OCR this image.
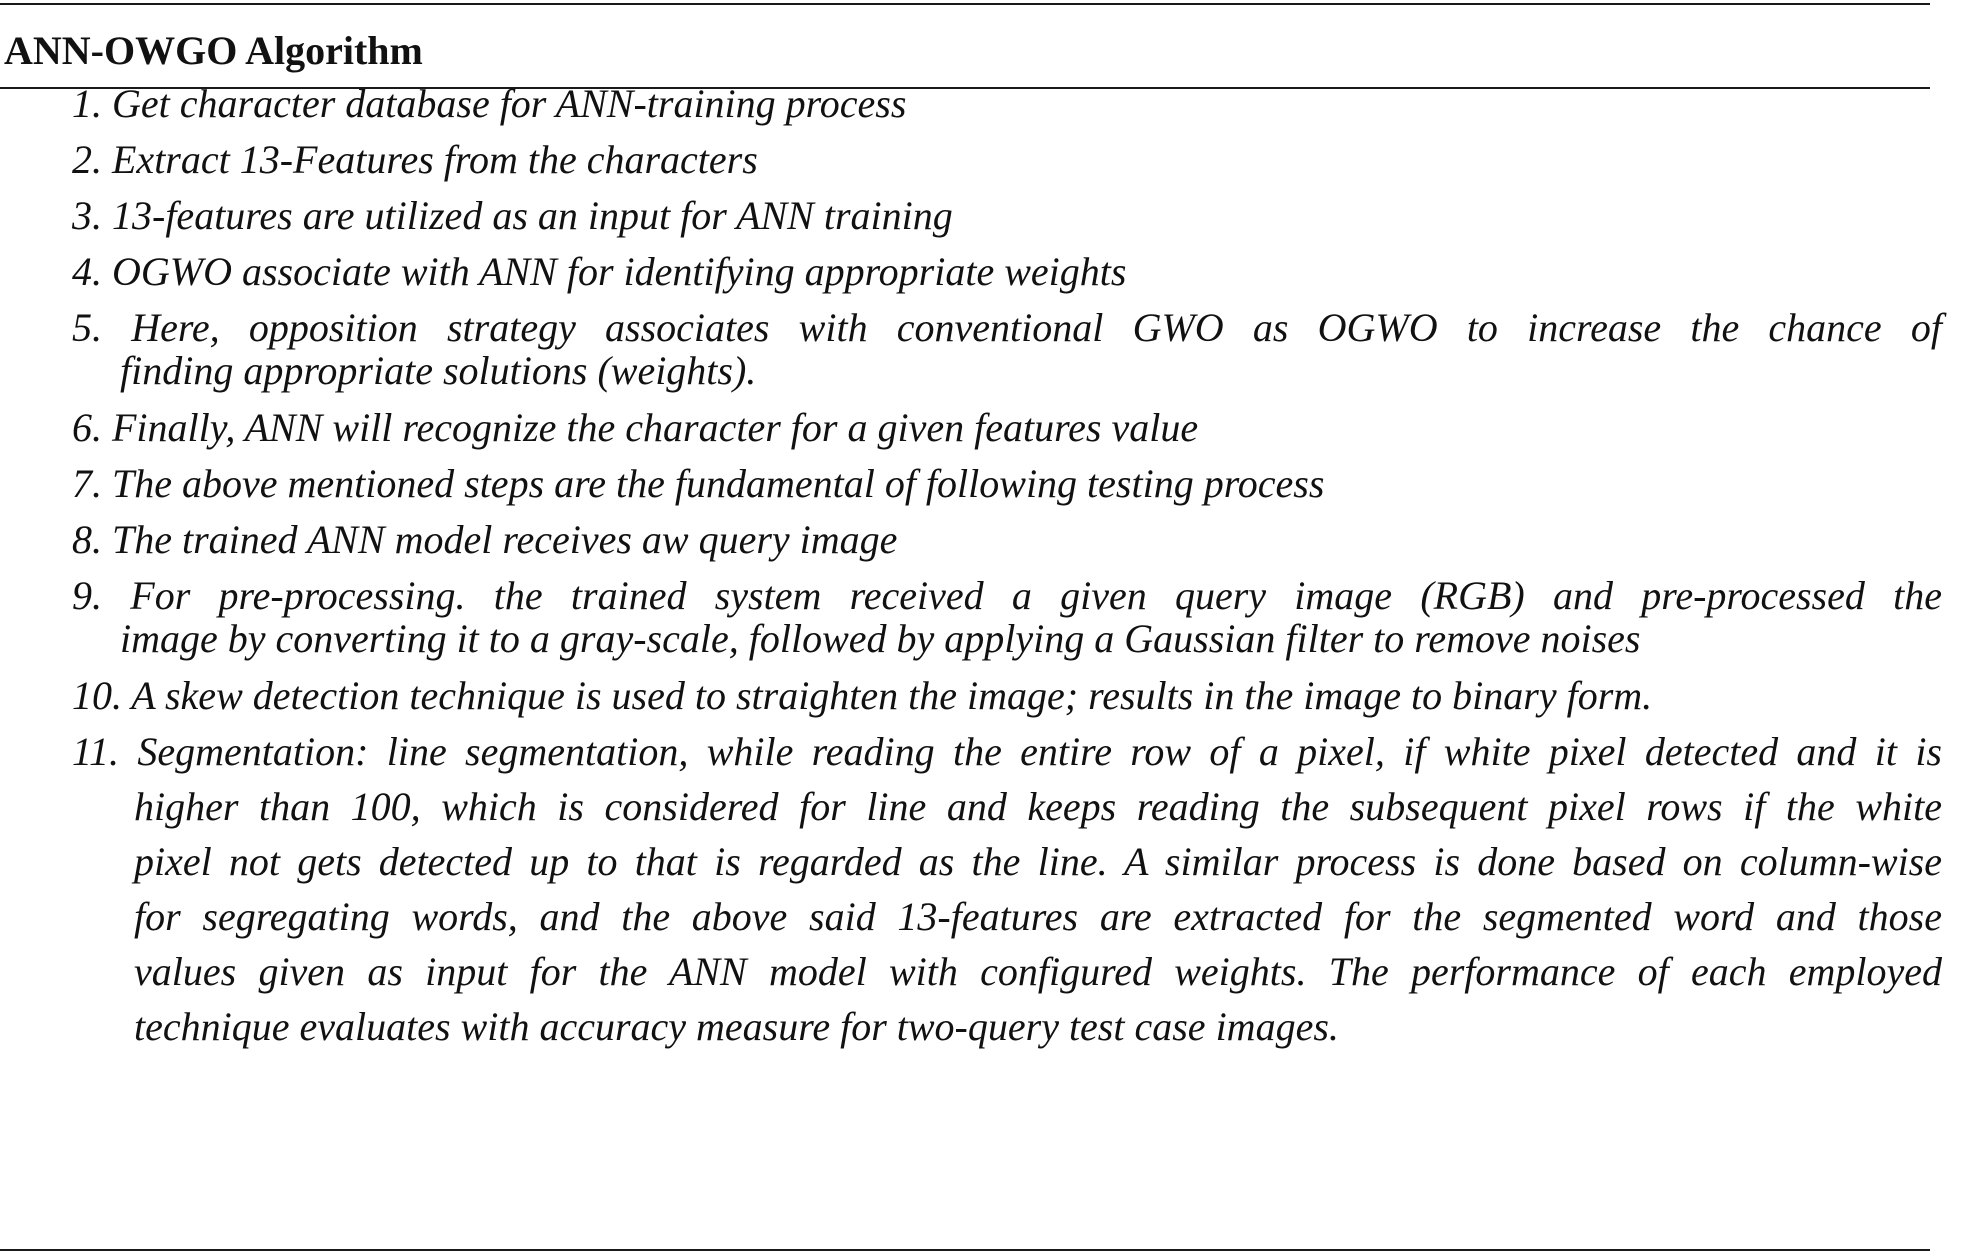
ANN-OWGO Algorithm
1. Get character database for ANN-training process
2. Extract 13-Features from the characters
3. 13-features are utilized as an input for ANN training
4. OGWO associate with ANN for identifying appropriate weights
5. Here, opposition strategy associates with conventional GWO as OGWO to increase the chance of
finding appropriate solutions (weights).
6. Finally, ANN will recognize the character for a given features value
7. The above mentioned steps are the fundamental of following testing process
8. The trained ANN model receives aw query image
9. For pre-processing. the trained system received a given query image (RGB) and pre-processed the
image by converting it to a gray-scale, followed by applying a Gaussian filter to remove noises
10. A skew detection technique is used to straighten the image; results in the image to binary form.
11. Segmentation: line segmentation, while reading the entire row of a pixel, if white pixel detected and it is
higher than 100, which is considered for line and keeps reading the subsequent pixel rows if the white
pixel not gets detected up to that is regarded as the line. A similar process is done based on column-wise
for segregating words, and the above said 13-features are extracted for the segmented word and those
values given as input for the ANN model with configured weights. The performance of each employed
technique evaluates with accuracy measure for two-query test case images.
